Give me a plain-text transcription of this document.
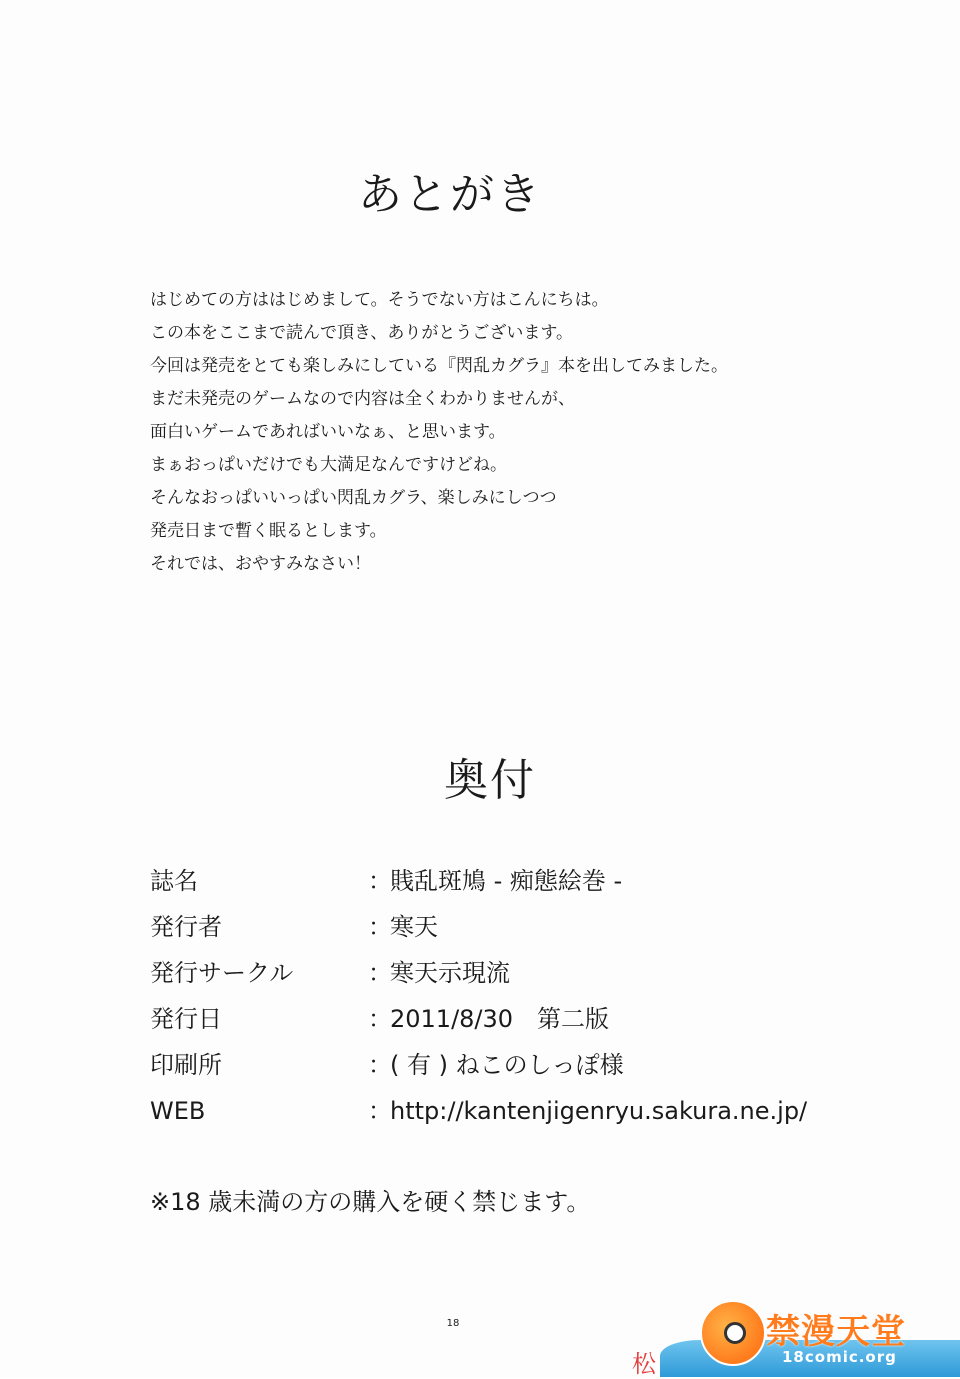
あとがき
はじめての方ははじめまして。そうでない方はこんにちは。
この本をここまで読んで頂き、ありがとうございます。
今回は発売をとても楽しみにしている『閃乱カグラ』本を出してみました。
まだ未発売のゲームなので内容は全くわかりませんが、
面白いゲームであればいいなぁ、と思います。
まぁおっぱいだけでも大満足なんですけどね。
そんなおっぱいいっぱい閃乱カグラ、楽しみにしつつ
発売日まで暫く眠るとします。
それでは、おやすみなさい！
奥付
誌名	：
賎乱斑鳩 - 痴態絵巻 -
発行者	：
寒天
発行サークル	：
寒天示現流
発行日	：
2011/8/30　第二版
印刷所	：
( 有 ) ねこのしっぽ様
WEB	：
http://kantenjigenryu.sakura.ne.jp/
※18 歳未満の方の購入を硬く禁じます。
18
松
禁漫天堂
18comic.org
